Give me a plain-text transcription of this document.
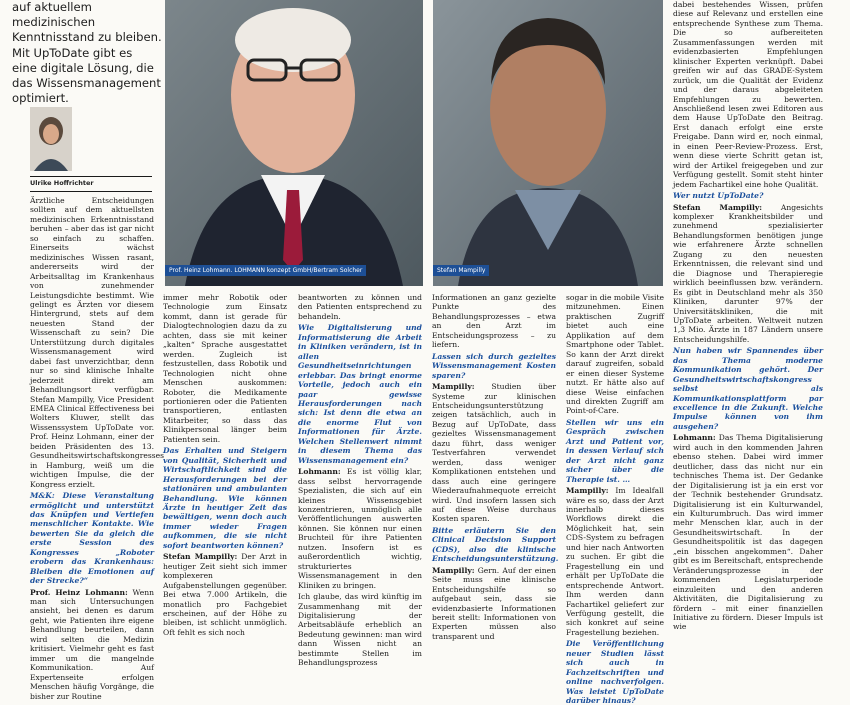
auf aktuellem medizinischen
Kenntnisstand zu bleiben.
Mit UpToDate gibt es
eine digitale Lösung, die
das Wissensmanagement
optimiert.
Ulrike Hoffrichter
Prof. Heinz Lohmann. LOHMANN konzept GmbH/Bertram Solcher	Stefan Mampilly

dabei bestehendes Wissen, prüfen diese auf Relevanz und erstellen eine entsprechende Synthese zum Thema. Die so aufbereiteten Zusammenfassungen werden mit evidenzbasierten Empfehlungen klinischer Experten verknüpft. Dabei greifen wir auf das GRADE-System zurück, um die Qualität der Evidenz und der daraus abgeleiteten Empfehlungen zu bewerten. Anschließend lesen zwei Editoren aus dem Hause UpToDate den Beitrag. Erst danach erfolgt eine erste Freigabe. Dann wird er, noch einmal, in einen Peer-Review-Prozess. Erst, wenn diese vierte Schritt getan ist, wird der Artikel freigegeben und zur Verfügung gestellt. Somit steht hinter jedem Fachartikel eine hohe Qualität.

Wer nutzt UpToDate?

Stefan Mampilly: Angesichts komplexer Krankheitsbilder und zunehmend spezialisierter Behandlungsformen benötigen junge wie erfahrenere Ärzte schnellen Zugang zu den neuesten Erkenntnissen, die relevant sind und die Diagnose und Therapieregie wirklich beeinflussen bzw. verändern. Es gibt in Deutschland mehr als 350 Kliniken, darunter 97% der Universitätskliniken, die mit UpToDate arbeiten. Weltweit nutzen 1,3 Mio. Ärzte in 187 Ländern unsere Entscheidungshilfe.

Nun haben wir Spannendes über das Thema moderne Kommunikation gehört. Der Gesundheitswirtschaftskongress selbst als Kommunikationsplattform par excellence in die Zukunft. Welche Impulse können von ihm ausgehen?

Lohmann: Das Thema Digitalisierung wird auch in den kommenden Jahren ebenso stehen. Dabei wird immer deutlicher, dass das nicht nur ein technisches Thema ist. Der Gedanke der Digitalisierung ist ja ein erst vor der Technik bestehender Grundsatz. Digitalisierung ist ein Kulturwandel, ein Kulturumbruch. Das wird immer mehr Menschen klar, auch in der Gesundheitswirtschaft. In der Gesundheitspolitik ist das dagegen „ein bisschen angekommen“. Daher gibt es im Bereitschaft, entsprechende Veränderungsprozesse in der kommenden Legislaturperiode einzuleiten und den anderen Aktivitäten, die Digitalisierung zu fördern – mit einer finanziellen Initiative zu fördern. Dieser Impuls ist wie

Ärztliche Entscheidungen sollten auf dem aktuellsten medizinischen Erkenntnisstand beruhen – aber das ist gar nicht so einfach zu schaffen. Einerseits wächst medizinisches Wissen rasant, andererseits wird der Arbeitsalltag im Krankenhaus von zunehmender Leistungsdichte bestimmt. Wie gelingt es Ärzten vor diesem Hintergrund, stets auf dem neuesten Stand der Wissenschaft zu sein? Die Unterstützung durch digitales Wissensmanagement wird dabei fast unverzichtbar, denn nur so sind klinische Inhalte jederzeit direkt am Behandlungsort verfügbar. Stefan Mampilly, Vice President EMEA Clinical Effectiveness bei Wolters Kluwer, stellt das Wissenssystem UpToDate vor. Prof. Heinz Lohmann, einer der beiden Präsidenten des 13. Gesundheitswirtschaftskongresses in Hamburg, weiß um die wichtigen Impulse, die der Kongress erzielt.

M&K: Diese Veranstaltung ermöglicht und unterstützt das Knüpfen und Vertiefen menschlicher Kontakte. Wie bewerten Sie da gleich die erste Session des Kongresses „Roboter erobern das Krankenhaus: Bleiben die Emotionen auf der Strecke?“

Prof. Heinz Lohmann: Wenn man sich Untersuchungen ansieht, bei denen es darum geht, wie Patienten ihre eigene Behandlung beurteilen, dann wird selten die Medizin kritisiert. Vielmehr geht es fast immer um die mangelnde Kommunikation. Auf Expertenseite erfolgen Menschen häufig Vorgänge, die bisher zur Routine

immer mehr Robotik oder Technologie zum Einsatz kommt, dann ist gerade für Dialogtechnologien dazu da zu achten, dass sie mit keiner „kalten“ Sprache ausgestattet werden. Zugleich ist festzustellen, dass Robotik und Technologien nicht ohne Menschen auskommen: Roboter, die Medikamente portionieren oder die Patienten transportieren, entlasten Mitarbeiter, so dass das Klinikpersonal länger beim Patienten sein.

Das Erhalten und Steigern von Qualität, Sicherheit und Wirtschaftlichkeit sind die Herausforderungen bei der stationären und ambulanten Behandlung. Wie können Ärzte in heutiger Zeit das bewältigen, wenn doch auch immer wieder Fragen aufkommen, die sie nicht sofort beantworten können?

Stefan Mampilly: Der Arzt in heutiger Zeit sieht sich immer komplexeren Aufgabenstellungen gegenüber. Bei etwa 7.000 Artikeln, die monatlich pro Fachgebiet erscheinen, auf der Höhe zu bleiben, ist schlicht unmöglich. Oft fehlt es sich noch

beantworten zu können und den Patienten entsprechend zu behandeln.

Wie Digitalisierung und Informatisierung die Arbeit in Kliniken verändern, ist in allen Gesundheitseinrichtungen erlebbar. Das bringt enorme Vorteile, jedoch auch ein paar gewisse Herausforderungen nach sich: Ist denn die etwa an die enorme Flut von Informationen für Ärzte. Welchen Stellenwert nimmt in diesem Thema das Wissensmanagement ein?

Lohmann: Es ist völlig klar, dass selbst hervorragende Spezialisten, die sich auf ein kleines Wissensgebiet konzentrieren, unmöglich alle Veröffentlichungen auswerten können. Sie können nur einen Bruchteil für ihre Patienten nutzen. Insofern ist es außerordentlich wichtig, strukturiertes Wissensmanagement in den Kliniken zu bringen.

Ich glaube, das wird künftig im Zusammenhang mit der Digitalisierung der Arbeitsabläufe erheblich an Bedeutung gewinnen: man wird dann Wissen nicht an bestimmte Stellen im Behandlungsprozess

Informationen an ganz gezielte Punkte des Behandlungsprozesses – etwa an den Arzt im Entscheidungsprozess – zu liefern.

Lassen sich durch gezieltes Wissensmanagement Kosten sparen?

Mampilly: Studien über Systeme zur klinischen Entscheidungsunterstützung zeigen tatsächlich, auch in Bezug auf UpToDate, dass gezieltes Wissensmanagement dazu führt, dass weniger Testverfahren verwendet werden, dass weniger Komplikationen entstehen und dass auch eine geringere Wiederaufnahmequote erreicht wird. Und insofern lassen sich auf diese Weise durchaus Kosten sparen.

Bitte erläutern Sie den Clinical Decision Support (CDS), also die klinische Entscheidungsunterstützung.

Mampilly: Gern. Auf der einen Seite muss eine klinische Entscheidungshilfe so aufgebaut sein, dass sie evidenzbasierte Informationen bereit stellt: Informationen von Experten müssen also transparent und

sogar in die mobile Visite mitzunehmen. Einen praktischen Zugriff bietet auch eine Applikation auf dem Smartphone oder Tablet. So kann der Arzt direkt darauf zugreifen, sobald er einen dieser Systeme nutzt. Er hätte also auf diese Weise einfachen und direkten Zugriff am Point-of-Care.

Stellen wir uns ein Gespräch zwischen Arzt und Patient vor, in dessen Verlauf sich der Arzt nicht ganz sicher über die Therapie ist. …

Mampilly: Im Idealfall wäre es so, dass der Arzt innerhalb dieses Workflows direkt die Möglichkeit hat, sein CDS-System zu befragen und hier nach Antworten zu suchen. Er gibt die Fragestellung ein und erhält per UpToDate die entsprechende Antwort. Ihm werden dann Fachartikel geliefert zur Verfügung gestellt, die sich konkret auf seine Fragestellung beziehen.

Die Veröffentlichung neuer Studien lässt sich auch in Fachzeitschriften und online nachverfolgen. Was leistet UpToDate darüber hinaus?
